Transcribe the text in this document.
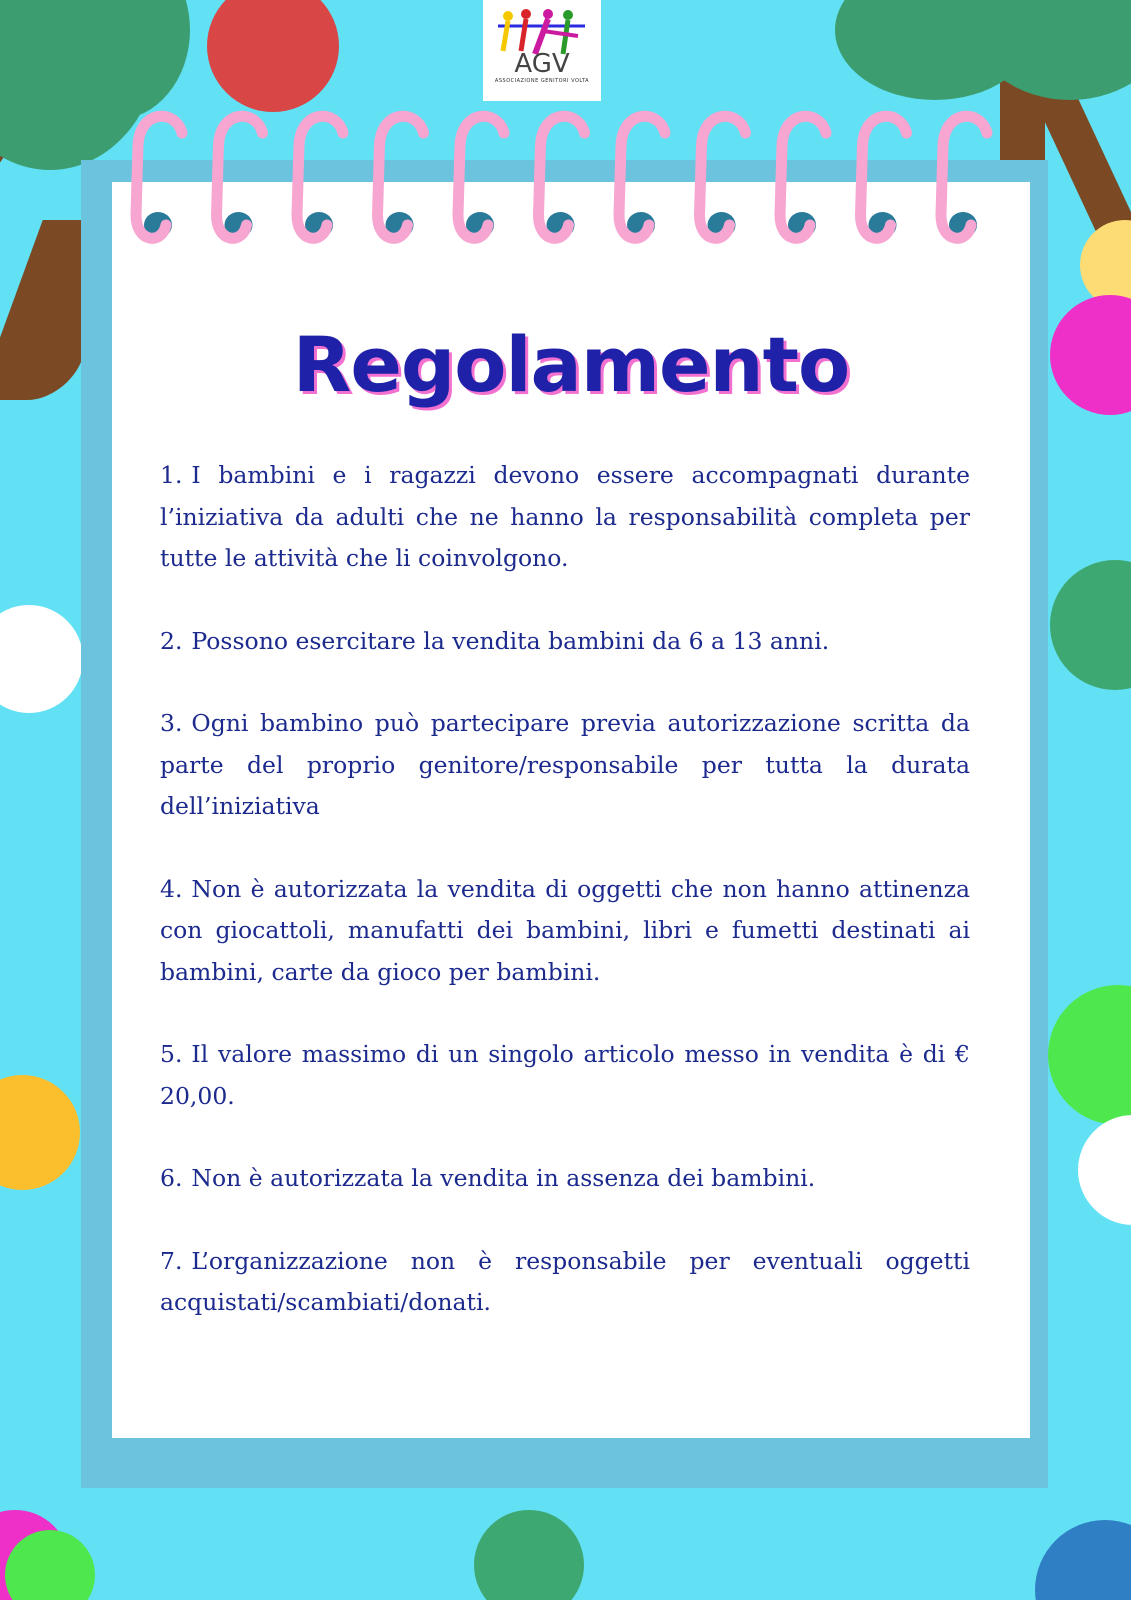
AGV
ASSOCIAZIONE GENITORI VOLTA
Regolamento
1. I bambini e i ragazzi devono essere accompagnati durante l’iniziativa da adulti che ne hanno la responsabilità completa per tutte le attività che li coinvolgono.
2. Possono esercitare la vendita bambini da 6 a 13 anni.
3. Ogni bambino può partecipare previa autorizzazione scritta da parte del proprio genitore/responsabile per tutta la durata dell’iniziativa
4. Non è autorizzata la vendita di oggetti che non hanno attinenza con giocattoli, manufatti dei bambini, libri e fumetti destinati ai bambini, carte da gioco per bambini.
5. Il valore massimo di un singolo articolo messo in vendita è di € 20,00.
6. Non è autorizzata la vendita in assenza dei bambini.
7. L’organizzazione non è responsabile per eventuali oggetti acquistati/scambiati/donati.
